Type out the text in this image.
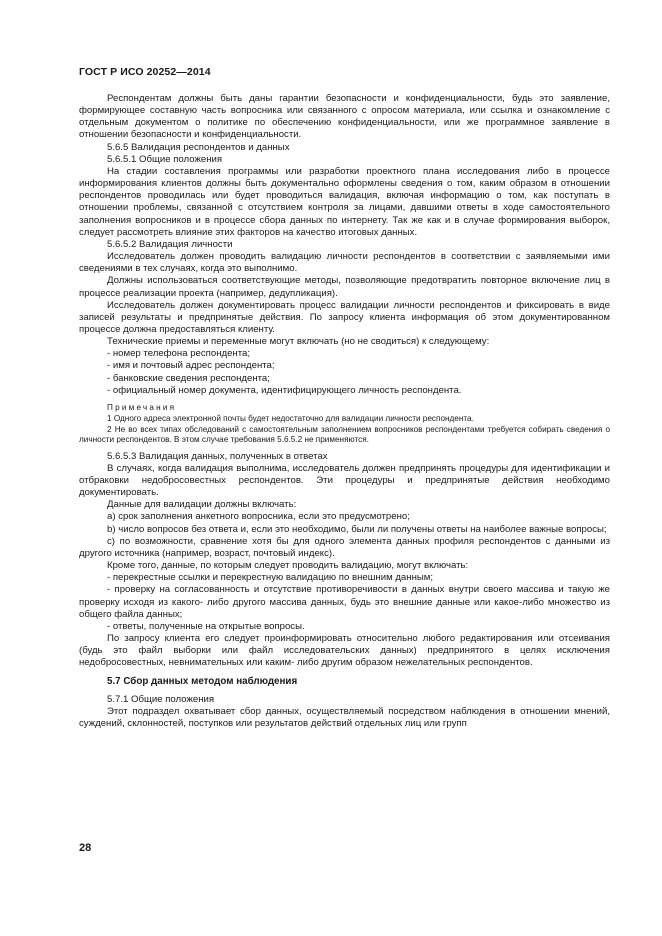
ГОСТ Р ИСО 20252—2014

Респондентам должны быть даны гарантии безопасности и конфиденциальности, будь это заявление, формирующее составную часть вопросника или связанного с опросом материала, или ссылка и ознакомление с отдельным документом о политике по обеспечению конфиденциальности, или же программное заявление в отношении безопасности и конфиденциальности.

5.6.5 Валидация респондентов и данных

5.6.5.1 Общие положения

На стадии составления программы или разработки проектного плана исследования либо в процессе информирования клиентов должны быть документально оформлены сведения о том, каким образом в отношении респондентов проводилась или будет проводиться валидация, включая информацию о том, как поступать в отношении проблемы, связанной с отсутствием контроля за лицами, давшими ответы в ходе самостоятельного заполнения вопросников и в процессе сбора данных по интернету. Так же как и в случае формирования выборок, следует рассмотреть влияние этих факторов на качество итоговых данных.

5.6.5.2 Валидация личности

Исследователь должен проводить валидацию личности респондентов в соответствии с заявляемыми ими сведениями в тех случаях, когда это выполнимо.

Должны использоваться соответствующие методы, позволяющие предотвратить повторное включение лиц в процессе реализации проекта (например, дедупликация).

Исследователь должен документировать процесс валидации личности респондентов и фиксировать в виде записей результаты и предпринятые действия. По запросу клиента информация об этом документированном процессе должна предоставляться клиенту.

Технические приемы и переменные могут включать (но не сводиться) к следующему:

- номер телефона респондента;

- имя и почтовый адрес респондента;

- банковские сведения респондента;

- официальный номер документа, идентифицирующего личность респондента.

Примечания

1 Одного адреса электронной почты будет недостаточно для валидации личности респондента.

2 Не во всех типах обследований с самостоятельным заполнением вопросников респондентами требуется собирать сведения о личности респондентов. В этом случае требования 5.6.5.2 не применяются.

5.6.5.3 Валидация данных, полученных в ответах

В случаях, когда валидация выполнима, исследователь должен предпринять процедуры для идентификации и отбраковки недобросовестных респондентов. Эти процедуры и предпринятые действия необходимо документировать.

Данные для валидации должны включать:

а) срок заполнения анкетного вопросника, если это предусмотрено;

b) число вопросов без ответа и, если это необходимо, были ли получены ответы на наиболее важные вопросы;

c) по возможности, сравнение хотя бы для одного элемента данных профиля респондентов с данными из другого источника (например, возраст, почтовый индекс).

Кроме того, данные, по которым следует проводить валидацию, могут включать:

- перекрестные ссылки и перекрестную валидацию по внешним данным;

- проверку на согласованность и отсутствие противоречивости в данных внутри своего массива и такую же проверку исходя из какого- либо другого массива данных, будь это внешние данные или какое-либо множество из общего файла данных;

- ответы, полученные на открытые вопросы.

По запросу клиента его следует проинформировать относительно любого редактирования или отсеивания (будь это файл выборки или файл исследовательских данных) предпринятого в целях исключения недобросовестных, невнимательных или каким- либо другим образом нежелательных респондентов.

5.7 Сбор данных методом наблюдения

5.7.1 Общие положения

Этот подраздел охватывает сбор данных, осуществляемый посредством наблюдения в отношении мнений, суждений, склонностей, поступков или результатов действий отдельных лиц или групп

28
